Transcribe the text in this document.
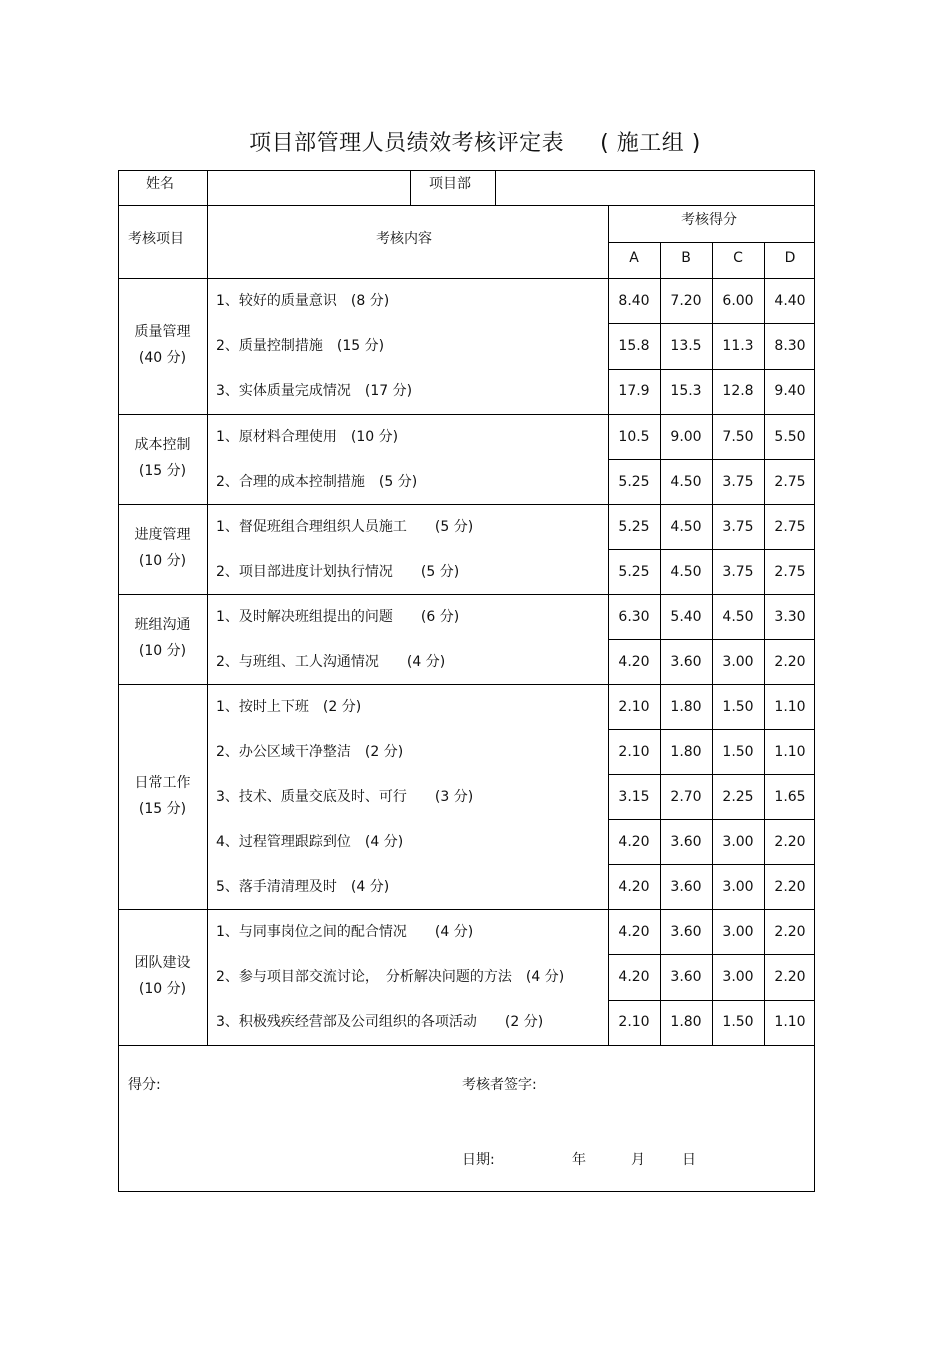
项目部管理人员绩效考核评定表 ( 施工组 )
姓名	项目部
考核项目	考核内容
考核得分
A	B	C	D
质量管理
(40 分)
1、较好的质量意识　(8 分)	8.40	7.20	6.00	4.40
2、质量控制措施　(15 分)	15.8	13.5	11.3	8.30
3、实体质量完成情况　(17 分)	17.9	15.3	12.8	9.40
成本控制
(15 分)
1、原材料合理使用　(10 分)	10.5	9.00	7.50	5.50
2、合理的成本控制措施　(5 分)	5.25	4.50	3.75	2.75
进度管理
(10 分)
1、督促班组合理组织人员施工　　(5 分)	5.25	4.50	3.75	2.75
2、项目部进度计划执行情况　　(5 分)	5.25	4.50	3.75	2.75
班组沟通
(10 分)
1、及时解决班组提出的问题　　(6 分)	6.30	5.40	4.50	3.30
2、与班组、工人沟通情况　　(4 分)	4.20	3.60	3.00	2.20
日常工作
(15 分)
1、按时上下班　(2 分)	2.10	1.80	1.50	1.10
2、办公区域干净整洁　(2 分)	2.10	1.80	1.50	1.10
3、技术、质量交底及时、可行　　(3 分)	3.15	2.70	2.25	1.65
4、过程管理跟踪到位　(4 分)	4.20	3.60	3.00	2.20
5、落手清清理及时　(4 分)	4.20	3.60	3.00	2.20
团队建设
(10 分)
1、与同事岗位之间的配合情况　　(4 分)	4.20	3.60	3.00	2.20
2、参与项目部交流讨论，　分析解决问题的方法　(4 分)	4.20	3.60	3.00	2.20
3、积极残疾经营部及公司组织的各项活动　　(2 分)	2.10	1.80	1.50	1.10
得分:	考核者签字:
日期:	年	月	日
